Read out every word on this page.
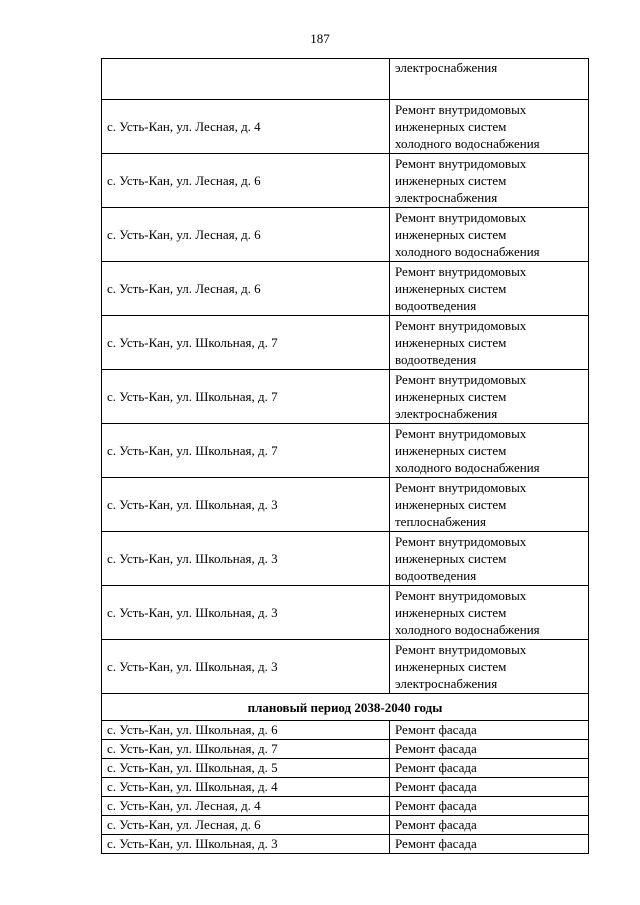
187
	электроснабжения
с. Усть-Кан, ул. Лесная, д. 4	Ремонт внутридомовых
инженерных систем
холодного водоснабжения

с. Усть-Кан, ул. Лесная, д. 6	Ремонт внутридомовых
инженерных систем
электроснабжения

с. Усть-Кан, ул. Лесная, д. 6	Ремонт внутридомовых
инженерных систем
холодного водоснабжения

с. Усть-Кан, ул. Лесная, д. 6	Ремонт внутридомовых
инженерных систем
водоотведения

с. Усть-Кан, ул. Школьная, д. 7	Ремонт внутридомовых
инженерных систем
водоотведения

с. Усть-Кан, ул. Школьная, д. 7	Ремонт внутридомовых
инженерных систем
электроснабжения

с. Усть-Кан, ул. Школьная, д. 7	Ремонт внутридомовых
инженерных систем
холодного водоснабжения

с. Усть-Кан, ул. Школьная, д. 3	Ремонт внутридомовых
инженерных систем
теплоснабжения

с. Усть-Кан, ул. Школьная, д. 3	Ремонт внутридомовых
инженерных систем
водоотведения

с. Усть-Кан, ул. Школьная, д. 3	Ремонт внутридомовых
инженерных систем
холодного водоснабжения

с. Усть-Кан, ул. Школьная, д. 3	Ремонт внутридомовых
инженерных систем
электроснабжения

плановый период 2038-2040 годы	
с. Усть-Кан, ул. Школьная, д. 6	Ремонт фасада
с. Усть-Кан, ул. Школьная, д. 7	Ремонт фасада
с. Усть-Кан, ул. Школьная, д. 5	Ремонт фасада
с. Усть-Кан, ул. Школьная, д. 4	Ремонт фасада
с. Усть-Кан, ул. Лесная, д. 4	Ремонт фасада
с. Усть-Кан, ул. Лесная, д. 6	Ремонт фасада
с. Усть-Кан, ул. Школьная, д. 3	Ремонт фасада
